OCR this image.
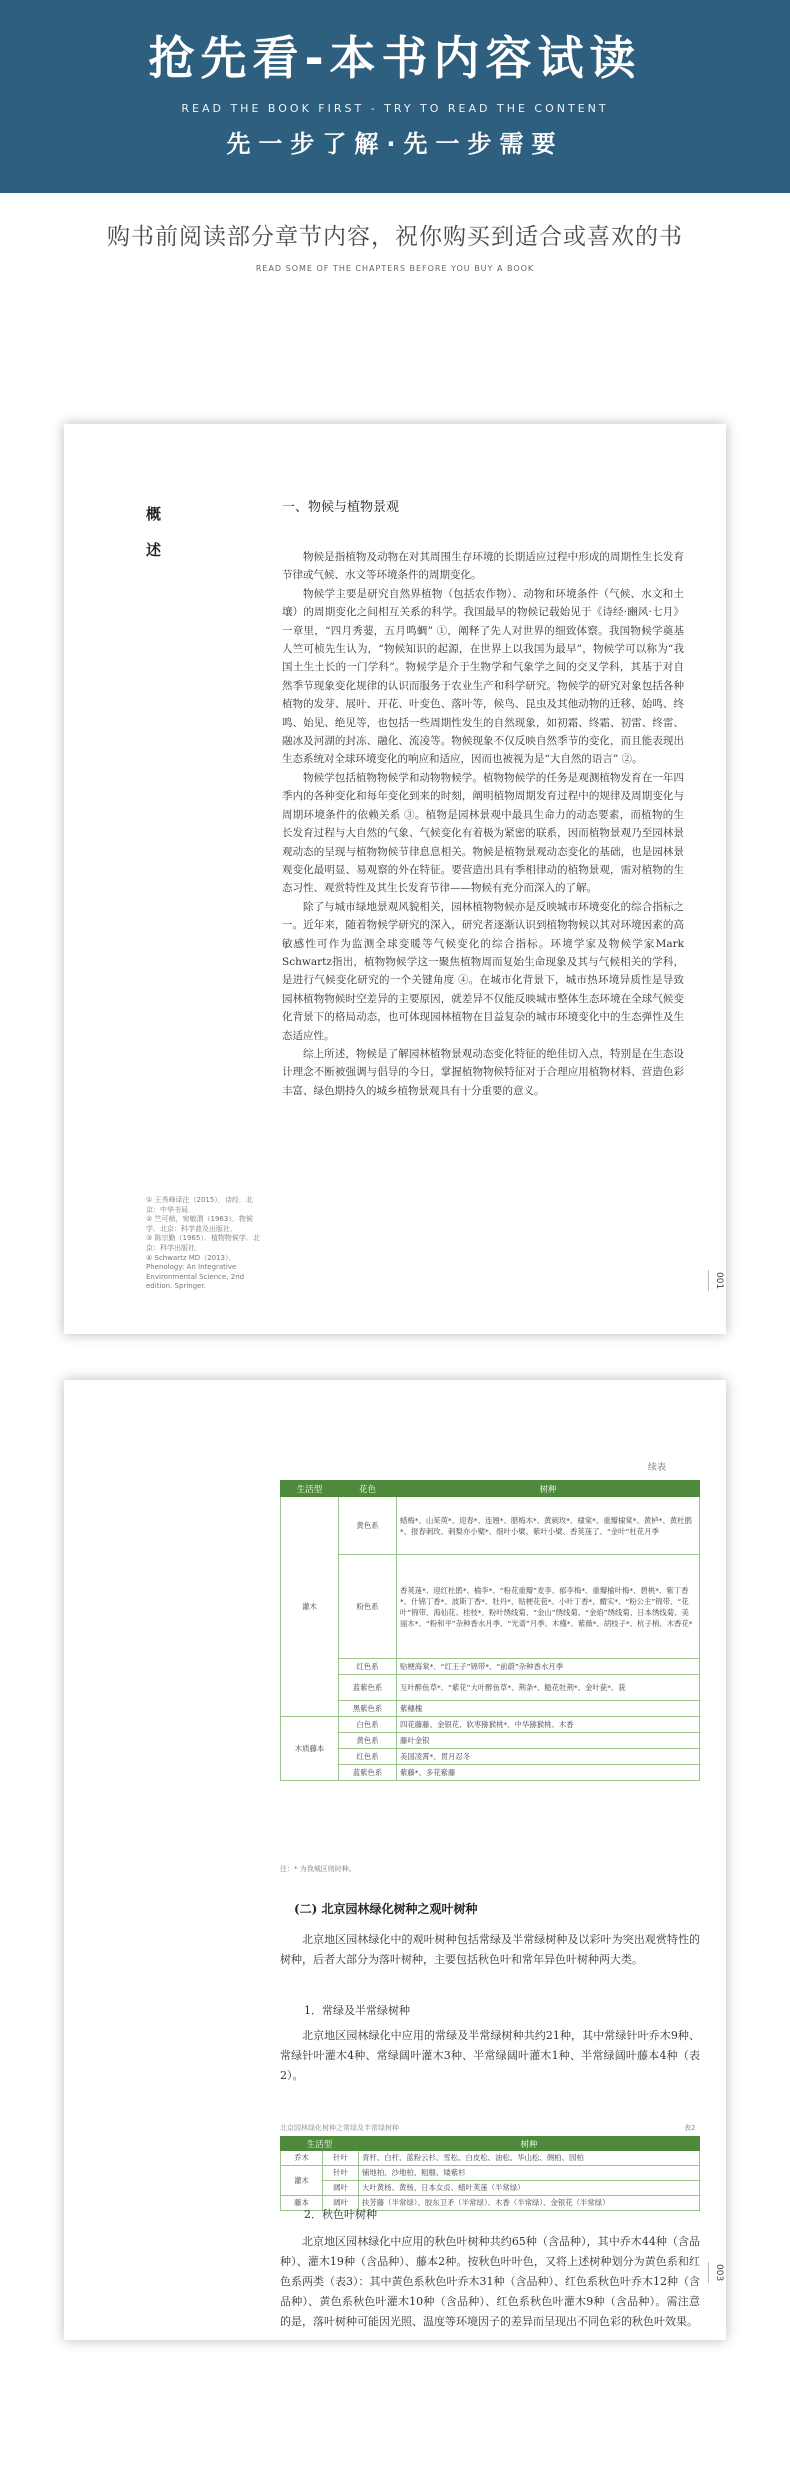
抢先看-本书内容试读
READ THE BOOK FIRST - TRY TO READ THE CONTENT
先一步了解·先一步需要
购书前阅读部分章节内容，祝你购买到适合或喜欢的书
READ SOME OF THE CHAPTERS BEFORE YOU BUY A BOOK
概述
一、物候与植物景观

物候是指植物及动物在对其周围生存环境的长期适应过程中形成的周期性生长发育节律或气候、水文等环境条件的周期变化。

物候学主要是研究自然界植物（包括农作物）、动物和环境条件（气候、水文和土壤）的周期变化之间相互关系的科学。我国最早的物候记载始见于《诗经·豳风·七月》一章里，“四月秀葽，五月鸣蜩” ①，阐释了先人对世界的细致体察。我国物候学奠基人竺可桢先生认为，“物候知识的起源，在世界上以我国为最早”，物候学可以称为“我国土生土长的一门学科”。物候学是介于生物学和气象学之间的交叉学科，其基于对自然季节现象变化规律的认识而服务于农业生产和科学研究。物候学的研究对象包括各种植物的发芽、展叶、开花、叶变色、落叶等，候鸟、昆虫及其他动物的迁移、始鸣、终鸣、始见、绝见等，也包括一些周期性发生的自然现象，如初霜、终霜、初雷、终雷、融冰及河湖的封冻、融化、流凌等。物候现象不仅反映自然季节的变化，而且能表现出生态系统对全球环境变化的响应和适应，因而也被视为是“大自然的语言” ②。

物候学包括植物物候学和动物物候学。植物物候学的任务是观测植物发育在一年四季内的各种变化和每年变化到来的时刻，阐明植物周期发育过程中的规律及周期变化与周期环境条件的依赖关系 ③。植物是园林景观中最具生命力的动态要素，而植物的生长发育过程与大自然的气象、气候变化有着极为紧密的联系，因而植物景观乃至园林景观动态的呈现与植物物候节律息息相关。物候是植物景观动态变化的基础，也是园林景观变化最明显、易观察的外在特征。要营造出具有季相律动的植物景观，需对植物的生态习性、观赏特性及其生长发育节律——物候有充分而深入的了解。

除了与城市绿地景观风貌相关，园林植物物候亦是反映城市环境变化的综合指标之一。近年来，随着物候学研究的深入，研究者逐渐认识到植物物候以其对环境因素的高敏感性可作为监测全球变暖等气候变化的综合指标。环境学家及物候学家Mark Schwartz指出，植物物候学这一聚焦植物周而复始生命现象及其与气候相关的学科，是进行气候变化研究的一个关键角度 ④。在城市化背景下，城市热环境异质性是导致园林植物物候时空差异的主要原因，就差异不仅能反映城市整体生态环境在全球气候变化背景下的格局动态，也可体现园林植物在目益复杂的城市环境变化中的生态弹性及生态适应性。

综上所述，物候是了解园林植物景观动态变化特征的绝佳切入点，特别是在生态设计理念不断被强调与倡导的今日，掌握植物物候特征对于合理应用植物材料、营造色彩丰富、绿色期持久的城乡植物景观具有十分重要的意义。

① 王秀峰译注（2015）．诗经．北京：中华书局．
② 竺可桢，宛敏渭（1963）．物候学．北京：科学普及出版社．
③ 陈宗勤（1965）．植物物候学．北京：科学出版社．
④ Schwartz MD（2013）．Phenology: An Integrative Environmental Science, 2nd edition. Springer.	001
续表
生活型	花色	树种
灌木	黄色系	蜡梅*、山茱萸*、迎春*、连翘*、腊梅木*、黄刺玫*、棣棠*、重瓣棣棠*、黄栌*、黄杜鹃*、报春刺玫、刺梨亦小檗*、细叶小檗、紫叶小檗、香荚蒾了、“金叶”杜花月季
	粉色系	香荚蒾*、迎红杜鹃*、榆李*、“粉花重瓣”麦李、郁李梅*、重瓣榆叶梅*、碧桃*、紫丁香*、什锦丁香*、波斯丁香*、牡丹*、贴梗花苞*、小叶丁香*、蝟实*、“粉公主”锦带、“花叶”锦带、海仙花、桂枝*、粉叶绣线菊、“金山”绣线菊、“金焰”绣线菊、日本绣线菊、美丽木*、“粉和平”杂种香水月季、“光谱”月季、木槿*、紫薇*、胡枝子*、杭子梢、木香花*
	红色系	贴梗海棠*、“红王子”锦带*、“前蔚”杂种香水月季
	蓝紫色系	互叶醉鱼草*、“紫花”大叶醉鱼草*、荆条*、糙花牡荆*、金叶莸*、莸
	黑紫色系	紫穗槐
木质藤本	白色系	四花藤藤、金银花、软枣猕猴桃*、中华猕猴桃、木香
	黄色系	藤叶金银
	红色系	美国凌霄*、贯月忍冬
	蓝紫色系	紫藤*、多花紫藤
注：* 为我城区则时种。
(二) 北京园林绿化树种之观叶树种

北京地区园林绿化中的观叶树种包括常绿及半常绿树种及以彩叶为突出观赏特性的树种，后者大部分为落叶树种，主要包括秋色叶和常年异色叶树种两大类。

1．常绿及半常绿树种

北京地区园林绿化中应用的常绿及半常绿树种共约21种，其中常绿针叶乔木9种、常绿针叶灌木4种、常绿阔叶灌木3种、半常绿阔叶灌木1种、半常绿阔叶藤本4种（表2）。

北京园林绿化树种之常绿及半常绿树种	表2
生活型		树种
乔木	针叶	青杆、白杆、蓝粉云杉、雪松、白皮松、油松、华山松、侧柏、园柏
灌木	针叶	铺地柏、沙地柏、粗榧、矮紫杉
	阔叶	大叶黄杨、黄杨、日本女贞、蜡叶荚蒾（半常绿）
藤本	阔叶	扶芳藤（半常绿）、胶东卫矛（半常绿）、木香（半常绿）、金银花（半常绿）
2．秋色叶树种

北京地区园林绿化中应用的秋色叶树种共约65种（含品种），其中乔木44种（含品种）、灌木19种（含品种）、藤本2种。按秋色叶叶色，又将上述树种划分为黄色系和红色系两类（表3）：其中黄色系秋色叶乔木31种（含品种）、红色系秋色叶乔木12种（含品种）、黄色系秋色叶灌木10种（含品种）、红色系秋色叶灌木9种（含品种）。需注意的是，落叶树种可能因光照、温度等环境因子的差异而呈现出不同色彩的秋色叶效果。

003
